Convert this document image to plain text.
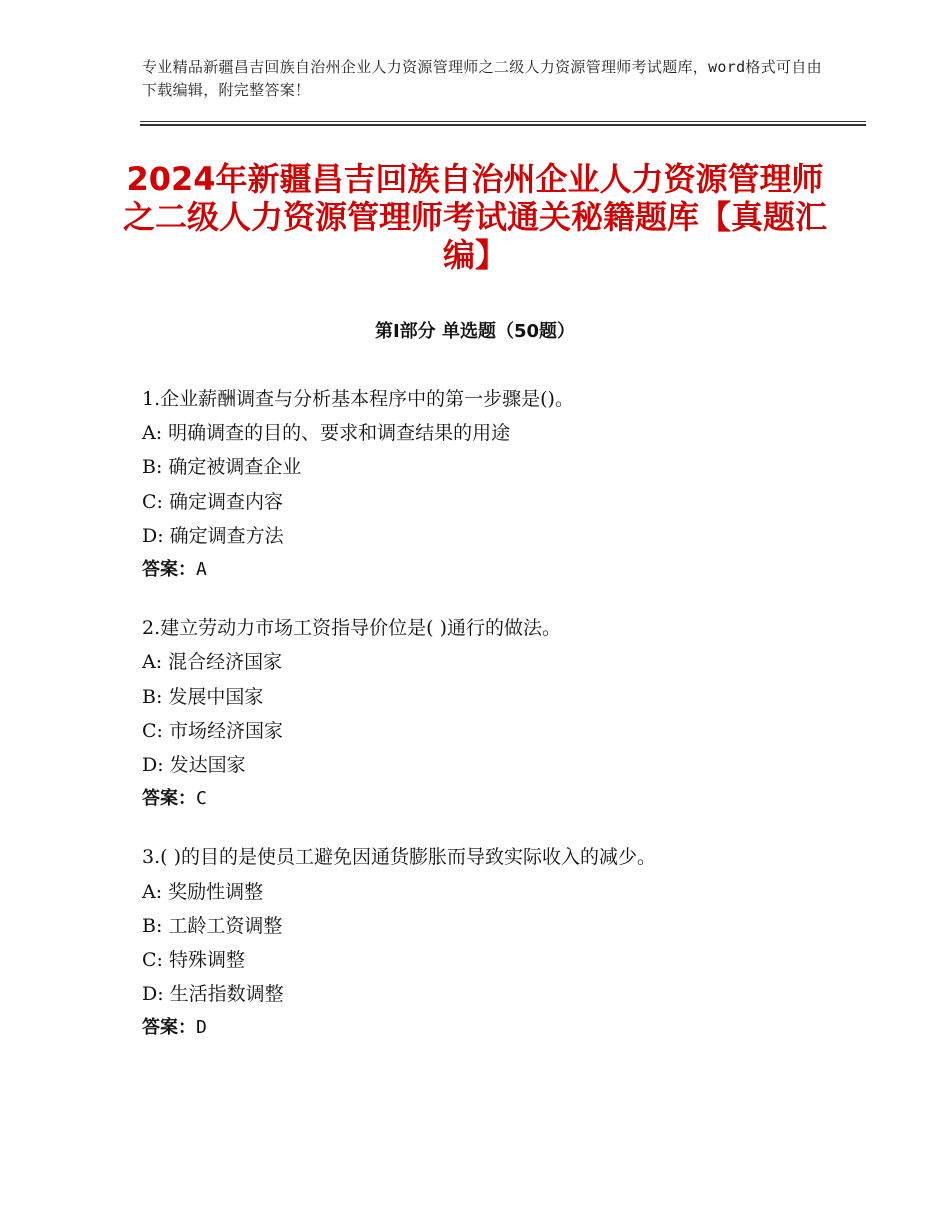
专业精品新疆昌吉回族自治州企业人力资源管理师之二级人力资源管理师考试题库，word格式可自由下载编辑，附完整答案！
2024年新疆昌吉回族自治州企业人力资源管理师之二级人力资源管理师考试通关秘籍题库【真题汇编】
第Ⅰ部分 单选题（50题）
1.企业薪酬调查与分析基本程序中的第一步骤是()。
A: 明确调查的目的、要求和调查结果的用途
B: 确定被调查企业
C: 确定调查内容
D: 确定调查方法
答案：A
2.建立劳动力市场工资指导价位是( )通行的做法。
A: 混合经济国家
B: 发展中国家
C: 市场经济国家
D: 发达国家
答案：C
3.( )的目的是使员工避免因通货膨胀而导致实际收入的减少。
A: 奖励性调整
B: 工龄工资调整
C: 特殊调整
D: 生活指数调整
答案：D
